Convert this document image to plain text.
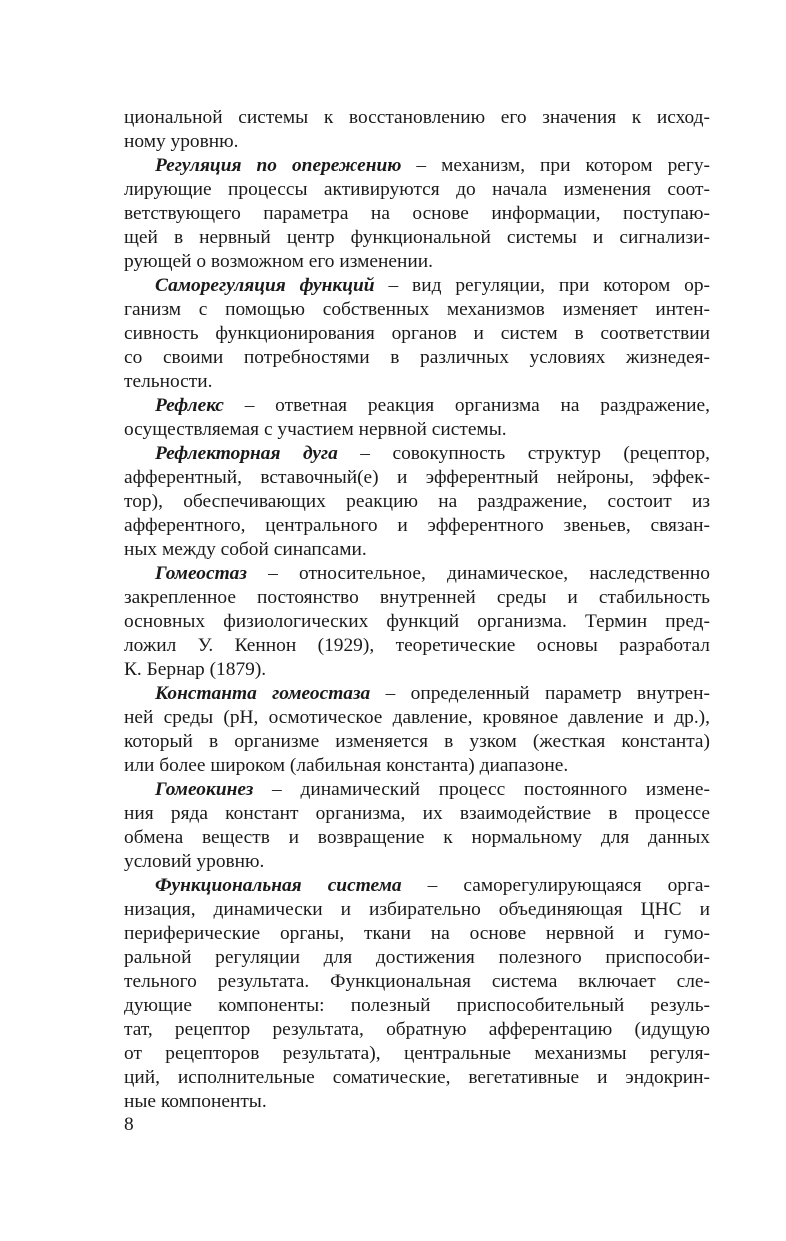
циональной системы к восстановлению его значения к исход-
ному уровню.
Регуляция по опережению – механизм, при котором регу-
лирующие процессы активируются до начала изменения соот-
ветствующего параметра на основе информации, поступаю-
щей в нервный центр функциональной системы и сигнализи-
рующей о возможном его изменении.
Саморегуляция функций – вид регуляции, при котором ор-
ганизм с помощью собственных механизмов изменяет интен-
сивность функционирования органов и систем в соответствии
со своими потребностями в различных условиях жизнедея-
тельности.
Рефлекс – ответная реакция организма на раздражение,
осуществляемая с участием нервной системы.
Рефлекторная дуга – совокупность структур (рецептор,
афферентный, вставочный(е) и эфферентный нейроны, эффек-
тор), обеспечивающих реакцию на раздражение, состоит из
афферентного, центрального и эфферентного звеньев, связан-
ных между собой синапсами.
Гомеостаз – относительное, динамическое, наследственно
закрепленное постоянство внутренней среды и стабильность
основных физиологических функций организма. Термин пред-
ложил У. Кеннон (1929), теоретические основы разработал
К. Бернар (1879).
Константа гомеостаза – определенный параметр внутрен-
ней среды (pH, осмотическое давление, кровяное давление и др.),
который в организме изменяется в узком (жесткая константа)
или более широком (лабильная константа) диапазоне.
Гомеокинез – динамический процесс постоянного измене-
ния ряда констант организма, их взаимодействие в процессе
обмена веществ и возвращение к нормальному для данных
условий уровню.
Функциональная система – саморегулирующаяся орга-
низация, динамически и избирательно объединяющая ЦНС и
периферические органы, ткани на основе нервной и гумо-
ральной регуляции для достижения полезного приспособи-
тельного результата. Функциональная система включает сле-
дующие компоненты: полезный приспособительный резуль-
тат, рецептор результата, обратную афферентацию (идущую
от рецепторов результата), центральные механизмы регуля-
ций, исполнительные соматические, вегетативные и эндокрин-
ные компоненты.
8
